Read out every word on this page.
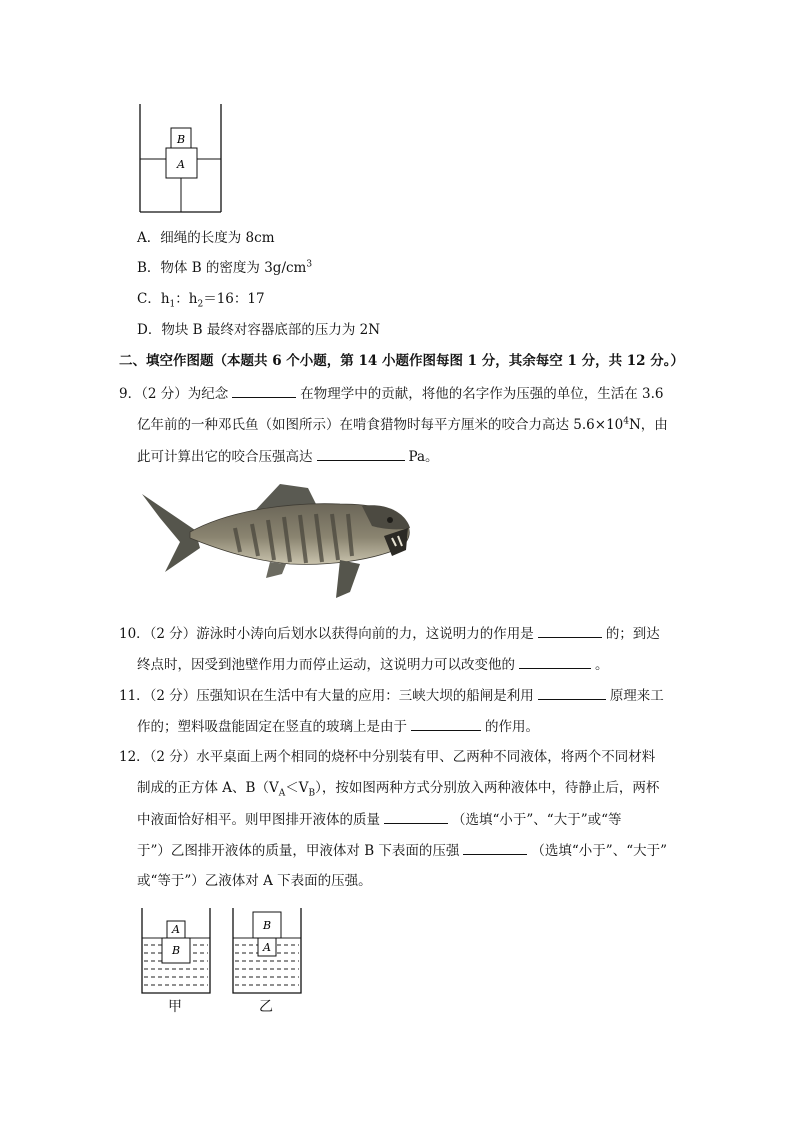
B
A
A．细绳的长度为 8cm
B．物体 B 的密度为 $3g/cm^3$
C．$h_1$：$h_2=16$：17
D．物块 B 最终对容器底部的压力为 2N
二、填空作图题（本题共 6 个小题，第 14 小题作图每图 1 分，其余每空 1 分，共 12 分。）
9．（2 分）为纪念	在物理学中的贡献，将他的名字作为压强的单位，生活在 3.6
亿年前的一种邓氏鱼（如图所示）在啃食猎物时每平方厘米的咬合力高达 $5.6\times 10^4N$，由
此可计算出它的咬合压强高达	Pa。
10．（2 分）游泳时小涛向后划水以获得向前的力，这说明力的作用是	的；到达
终点时，因受到池壁作用力而停止运动，这说明力可以改变他的	。
11．（2 分）压强知识在生活中有大量的应用：三峡大坝的船闸是利用	原理来工
作的；塑料吸盘能固定在竖直的玻璃上是由于	的作用。
12．（2 分）水平桌面上两个相同的烧杯中分别装有甲、乙两种不同液体，将两个不同材料
制成的正方体 A、$B(V_A<V_B)$，按如图两种方式分别放入两种液体中，待静止后，两杯
中液面恰好相平。则甲图排开液体的质量	（选填“小于”、“大于”或“等
于”）乙图排开液体的质量，甲液体对 B 下表面的压强	（选填“小于”、“大于”
或“等于”）乙液体对 A 下表面的压强。
A
B
甲
B
A
乙
